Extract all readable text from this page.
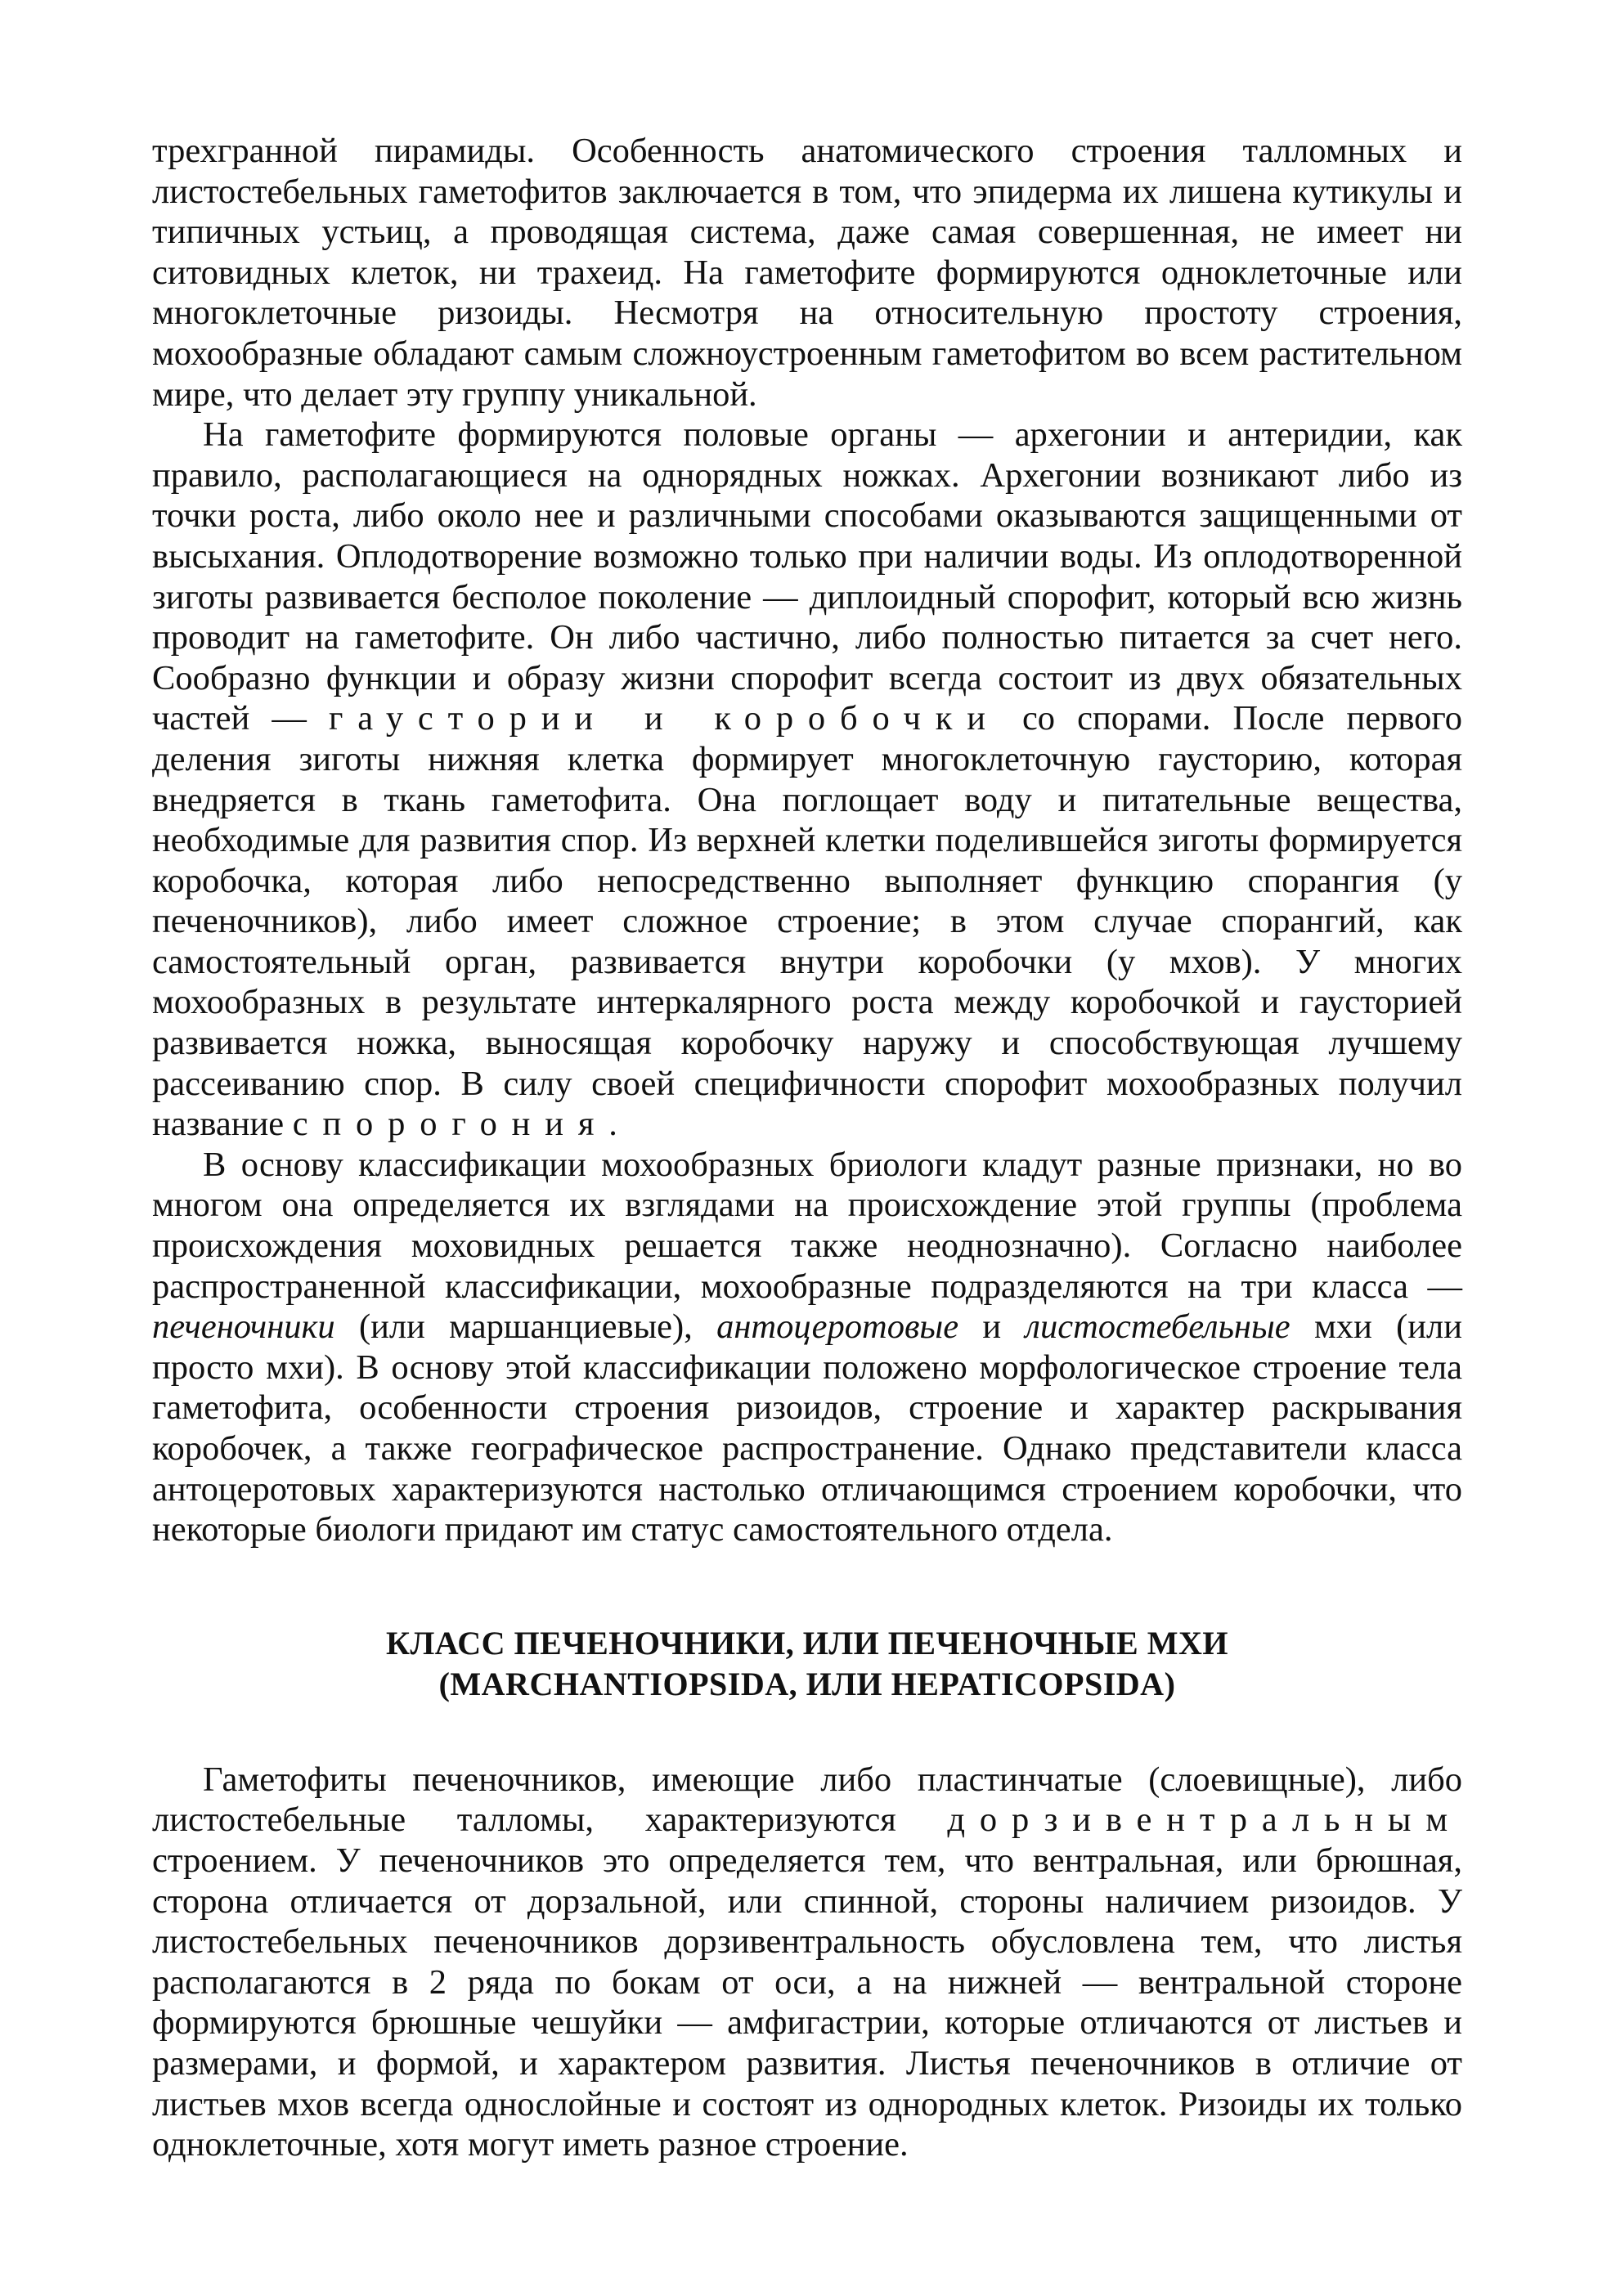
трехгранной пирамиды. Особенность анатомического строения талломных и листостебельных гаметофитов заключается в том, что эпидерма их лишена кутикулы и типичных устьиц, а проводящая система, даже самая совершенная, не имеет ни ситовидных клеток, ни трахеид. На гаметофите формируются одноклеточные или многоклеточные ризоиды. Несмотря на относительную простоту строения, мохообразные обладают самым сложноустроенным гаметофитом во всем растительном мире, что делает эту группу уникальной.

На гаметофите формируются половые органы — архегонии и антеридии, как правило, располагающиеся на однорядных ножках. Архегонии возникают либо из точки роста, либо около нее и различными способами оказываются защищенными от высыхания. Оплодотворение возможно только при наличии воды. Из оплодотворенной зиготы развивается бесполое поколение — диплоидный спорофит, который всю жизнь проводит на гаметофите. Он либо частично, либо полностью питается за счет него. Сообразно функции и образу жизни спорофит всегда состоит из двух обязательных частей — гаустории и коробочки со спорами. После первого деления зиготы нижняя клетка формирует многоклеточную гаусторию, которая внедряется в ткань гаметофита. Она поглощает воду и питательные вещества, необходимые для развития спор. Из верхней клетки поделившейся зиготы формируется коробочка, которая либо непосредственно выполняет функцию спорангия (у печеночников), либо имеет сложное строение; в этом случае спорангий, как самостоятельный орган, развивается внутри коробочки (у мхов). У многих мохообразных в результате интеркалярного роста между коробочкой и гаусторией развивается ножка, выносящая коробочку наружу и способствующая лучшему рассеиванию спор. В силу своей специфичности спорофит мохообразных получил название спорогония.

В основу классификации мохообразных бриологи кладут разные признаки, но во многом она определяется их взглядами на происхождение этой группы (проблема происхождения моховидных решается также неоднозначно). Согласно наиболее распространенной классификации, мохообразные подразделяются на три класса — печеночники (или маршанциевые), антоцеротовые и листостебельные мхи (или просто мхи). В основу этой классификации положено морфологическое строение тела гаметофита, особенности строения ризоидов, строение и характер раскрывания коробочек, а также географическое распространение. Однако представители класса антоцеротовых характеризуются настолько отличающимся строением коробочки, что некоторые биологи придают им статус самостоятельного отдела.

КЛАСС ПЕЧЕНОЧНИКИ, ИЛИ ПЕЧЕНОЧНЫЕ МХИ
(MARCHANTIOPSIDA, ИЛИ HEPATICOPSIDA)

Гаметофиты печеночников, имеющие либо пластинчатые (слоевищные), либо листостебельные талломы, характеризуются дорзивентральным строением. У печеночников это определяется тем, что вентральная, или брюшная, сторона отличается от дорзальной, или спинной, стороны наличием ризоидов. У листостебельных печеночников дорзивентральность обусловлена тем, что листья располагаются в 2 ряда по бокам от оси, а на нижней — вентральной стороне формируются брюшные чешуйки — амфигастрии, которые отличаются от листьев и размерами, и формой, и характером развития. Листья печеночников в отличие от листьев мхов всегда однослойные и состоят из однородных клеток. Ризоиды их только одноклеточные, хотя могут иметь разное строение.
